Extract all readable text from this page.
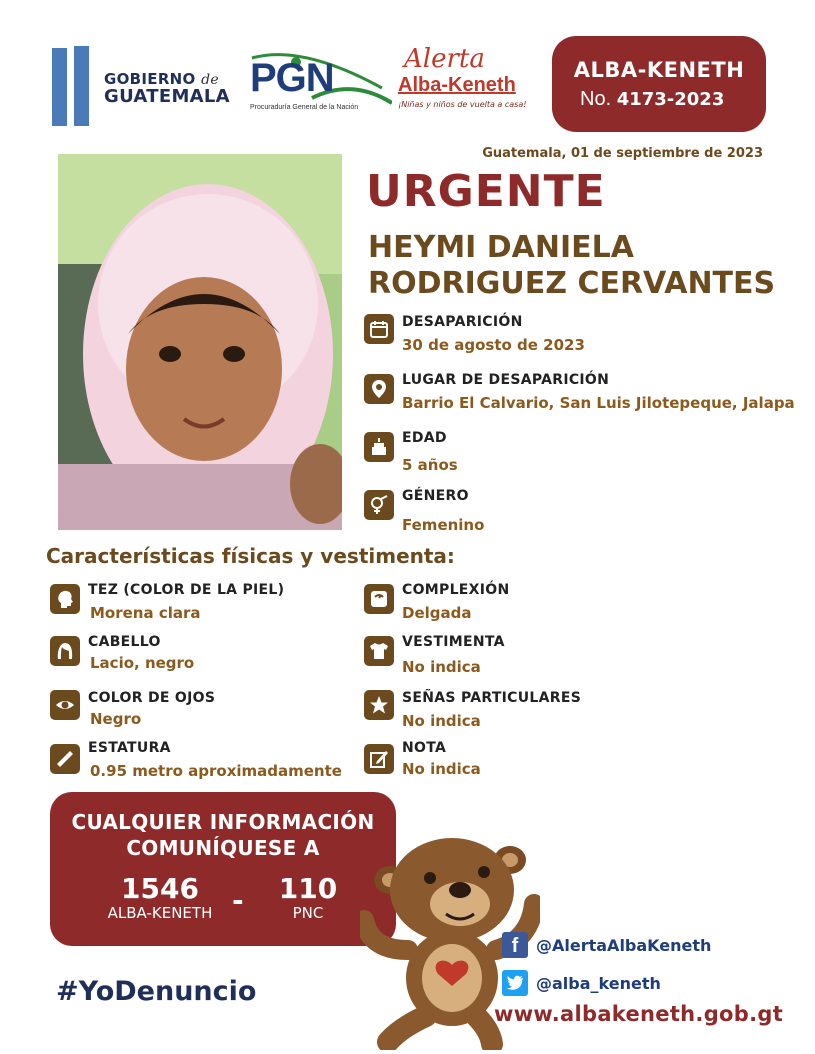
GOBIERNO de
GUATEMALA PGN
Procuraduría General de la Nación
Alerta
Alba-Keneth
¡Niñas y niños de vuelta a casa!
ALBA-KENETH
No. 4173-2023
Guatemala, 01 de septiembre de 2023
URGENTE
HEYMI DANIELA
RODRIGUEZ CERVANTES
DESAPARICIÓN
30 de agosto de 2023
LUGAR DE DESAPARICIÓN
Barrio El Calvario, San Luis Jilotepeque, Jalapa
EDAD
5 años
GÉNERO
Femenino
Características físicas y vestimenta:
TEZ (COLOR DE LA PIEL)
Morena clara
CABELLO
Lacio, negro
COLOR DE OJOS
Negro
ESTATURA
0.95 metro aproximadamente
COMPLEXIÓN
Delgada
VESTIMENTA
No indica
SEÑAS PARTICULARES
No indica
NOTA
No indica
CUALQUIER INFORMACIÓN
COMUNÍQUESE A
1546
ALBA-KENETH -	110
PNC
#YoDenuncio
f	@AlertaAlbaKeneth
@alba_keneth
www.albakeneth.gob.gt
